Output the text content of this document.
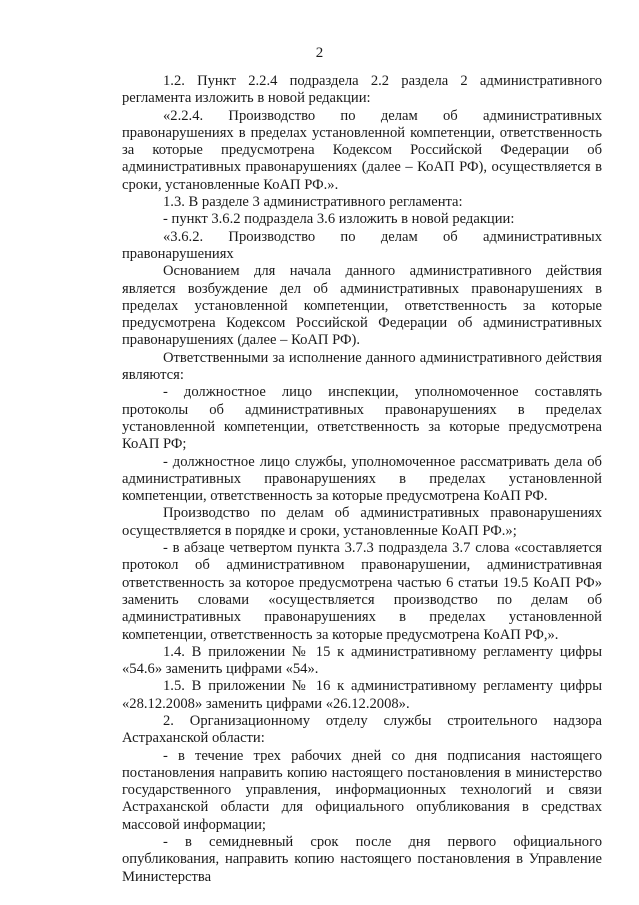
2

1.2. Пункт 2.2.4 подраздела 2.2 раздела 2 административного регламента изложить в новой редакции:

«2.2.4. Производство по делам об административных правонарушениях в пределах установленной компетенции, ответственность за которые предусмотрена Кодексом Российской Федерации об административных правонарушениях (далее – КоАП РФ), осуществляется в сроки, установленные КоАП РФ.».

1.3. В разделе 3 административного регламента:

- пункт 3.6.2 подраздела 3.6 изложить в новой редакции:

«3.6.2. Производство по делам об административных правонарушениях

Основанием для начала данного административного действия является возбуждение дел об административных правонарушениях в пределах установленной компетенции, ответственность за которые предусмотрена Кодексом Российской Федерации об административных правонарушениях (далее – КоАП РФ).

Ответственными за исполнение данного административного действия являются:

- должностное лицо инспекции, уполномоченное составлять протоколы об административных правонарушениях в пределах установленной компетенции, ответственность за которые предусмотрена КоАП РФ;

- должностное лицо службы, уполномоченное рассматривать дела об административных правонарушениях в пределах установленной компетенции, ответственность за которые предусмотрена КоАП РФ.

Производство по делам об административных правонарушениях осуществляется в порядке и сроки, установленные КоАП РФ.»;

- в абзаце четвертом пункта 3.7.3 подраздела 3.7 слова «составляется протокол об административном правонарушении, административная ответственность за которое предусмотрена частью 6 статьи 19.5 КоАП РФ» заменить словами «осуществляется производство по делам об административных правонарушениях в пределах установленной компетенции, ответственность за которые предусмотрена КоАП РФ,».

1.4. В приложении № 15 к административному регламенту цифры «54.6» заменить цифрами «54».

1.5. В приложении № 16 к административному регламенту цифры «28.12.2008» заменить цифрами «26.12.2008».

2. Организационному отделу службы строительного надзора Астраханской области:

- в течение трех рабочих дней со дня подписания настоящего постановления направить копию настоящего постановления в министерство государственного управления, информационных технологий и связи Астраханской области для официального опубликования в средствах массовой информации;

- в семидневный срок после дня первого официального опубликования, направить копию настоящего постановления в Управление Министерства
